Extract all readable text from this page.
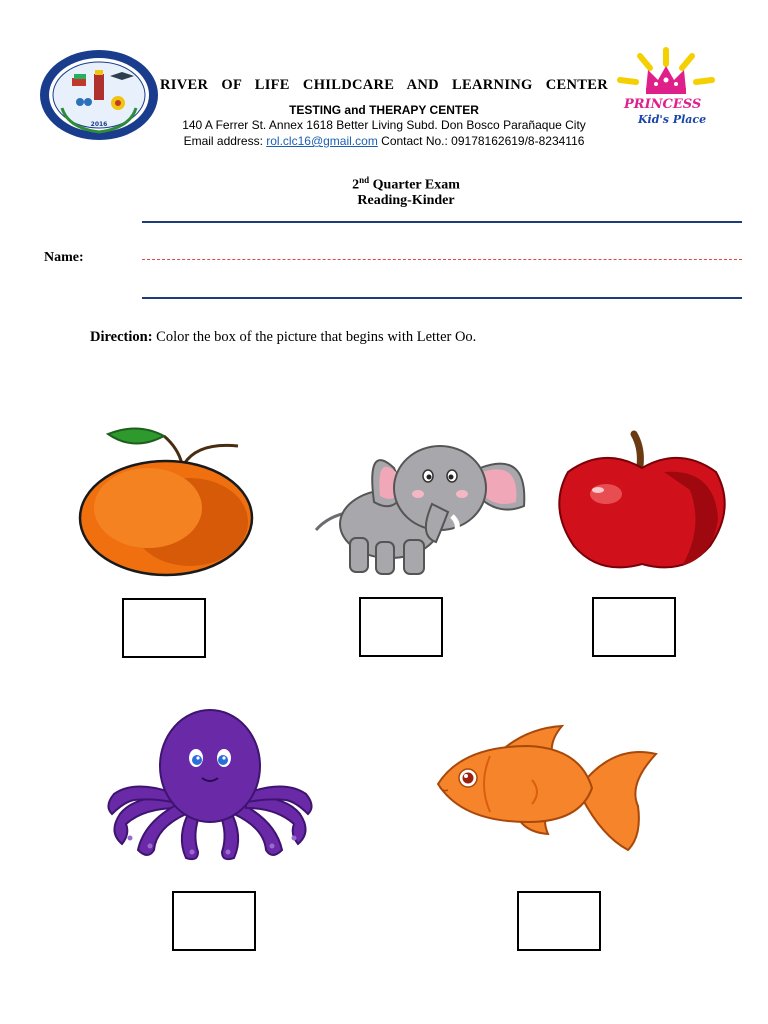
2016
RIVER OF LIFE CHILDCARE AND LEARNING CENTER
TESTING and THERAPY CENTER
140 A Ferrer St. Annex 1618 Better Living Subd. Don Bosco Parañaque City
Email address: rol.clc16@gmail.com Contact No.: 09178162619/8-8234116
PRINCESS
Kid's Place
2nd Quarter Exam
Reading-Kinder
Name:
Direction: Color the box of the picture that begins with Letter Oo.
